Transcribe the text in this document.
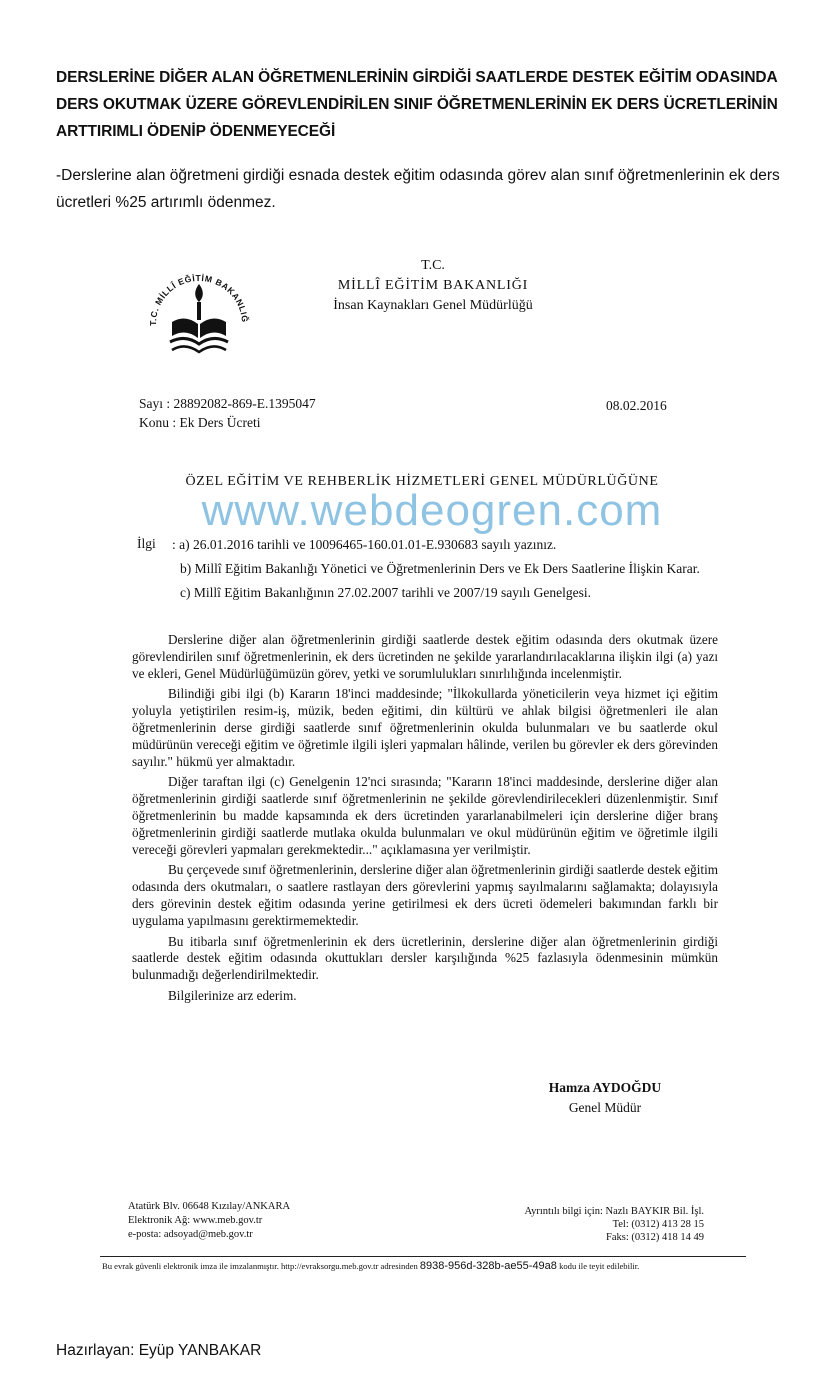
DERSLERİNE DİĞER ALAN ÖĞRETMENLERİNİN GİRDİĞİ SAATLERDE DESTEK EĞİTİM ODASINDA DERS OKUTMAK ÜZERE GÖREVLENDİRİLEN SINIF ÖĞRETMENLERİNİN EK DERS ÜCRETLERİNİN ARTTIRIMLI ÖDENİP ÖDENMEYECEĞİ
-Derslerine alan öğretmeni girdiği esnada destek eğitim odasında görev alan sınıf öğretmenlerinin ek ders ücretleri %25 artırımlı ödenmez.
T.C. MİLLÎ EĞİTİM BAKANLIĞ
T.C.
MİLLÎ EĞİTİM BAKANLIĞI
İnsan Kaynakları Genel Müdürlüğü
Sayı : 28892082-869-E.1395047
Konu : Ek Ders Ücreti
08.02.2016
www.webdeogren.com
ÖZEL EĞİTİM VE REHBERLİK HİZMETLERİ GENEL MÜDÜRLÜĞÜNE
İlgi : a) 26.01.2016 tarihli ve 10096465-160.01.01-E.930683 sayılı yazınız.
b) Millî Eğitim Bakanlığı Yönetici ve Öğretmenlerinin Ders ve Ek Ders Saatlerine İlişkin Karar.
c) Millî Eğitim Bakanlığının 27.02.2007 tarihli ve 2007/19 sayılı Genelgesi.

Derslerine diğer alan öğretmenlerinin girdiği saatlerde destek eğitim odasında ders okutmak üzere görevlendirilen sınıf öğretmenlerinin, ek ders ücretinden ne şekilde yararlandırılacaklarına ilişkin ilgi (a) yazı ve ekleri, Genel Müdürlüğümüzün görev, yetki ve sorumlulukları sınırlılığında incelenmiştir.

Bilindiği gibi ilgi (b) Kararın 18'inci maddesinde; "İlkokullarda yöneticilerin veya hizmet içi eğitim yoluyla yetiştirilen resim-iş, müzik, beden eğitimi, din kültürü ve ahlak bilgisi öğretmenleri ile alan öğretmenlerinin derse girdiği saatlerde sınıf öğretmenlerinin okulda bulunmaları ve bu saatlerde okul müdürünün vereceği eğitim ve öğretimle ilgili işleri yapmaları hâlinde, verilen bu görevler ek ders görevinden sayılır." hükmü yer almaktadır.

Diğer taraftan ilgi (c) Genelgenin 12'nci sırasında; "Kararın 18'inci maddesinde, derslerine diğer alan öğretmenlerinin girdiği saatlerde sınıf öğretmenlerinin ne şekilde görevlendirilecekleri düzenlenmiştir. Sınıf öğretmenlerinin bu madde kapsamında ek ders ücretinden yararlanabilmeleri için derslerine diğer branş öğretmenlerinin girdiği saatlerde mutlaka okulda bulunmaları ve okul müdürünün eğitim ve öğretimle ilgili vereceği görevleri yapmaları gerekmektedir..." açıklamasına yer verilmiştir.

Bu çerçevede sınıf öğretmenlerinin, derslerine diğer alan öğretmenlerinin girdiği saatlerde destek eğitim odasında ders okutmaları, o saatlere rastlayan ders görevlerini yapmış sayılmalarını sağlamakta; dolayısıyla ders görevinin destek eğitim odasında yerine getirilmesi ek ders ücreti ödemeleri bakımından farklı bir uygulama yapılmasını gerektirmemektedir.

Bu itibarla sınıf öğretmenlerinin ek ders ücretlerinin, derslerine diğer alan öğretmenlerinin girdiği saatlerde destek eğitim odasında okuttukları dersler karşılığında %25 fazlasıyla ödenmesinin mümkün bulunmadığı değerlendirilmektedir.

Bilgilerinize arz ederim.

Hamza AYDOĞDU
Genel Müdür
Atatürk Blv. 06648 Kızılay/ANKARA
Elektronik Ağ: www.meb.gov.tr
e-posta: adsoyad@meb.gov.tr
Ayrıntılı bilgi için: Nazlı BAYKIR Bil. İşl.
Tel: (0312) 413 28 15
Faks: (0312) 418 14 49
Bu evrak güvenli elektronik imza ile imzalanmıştır. http://evraksorgu.meb.gov.tr adresinden 8938-956d-328b-ae55-49a8 kodu ile teyit edilebilir.
Hazırlayan: Eyüp YANBAKAR
